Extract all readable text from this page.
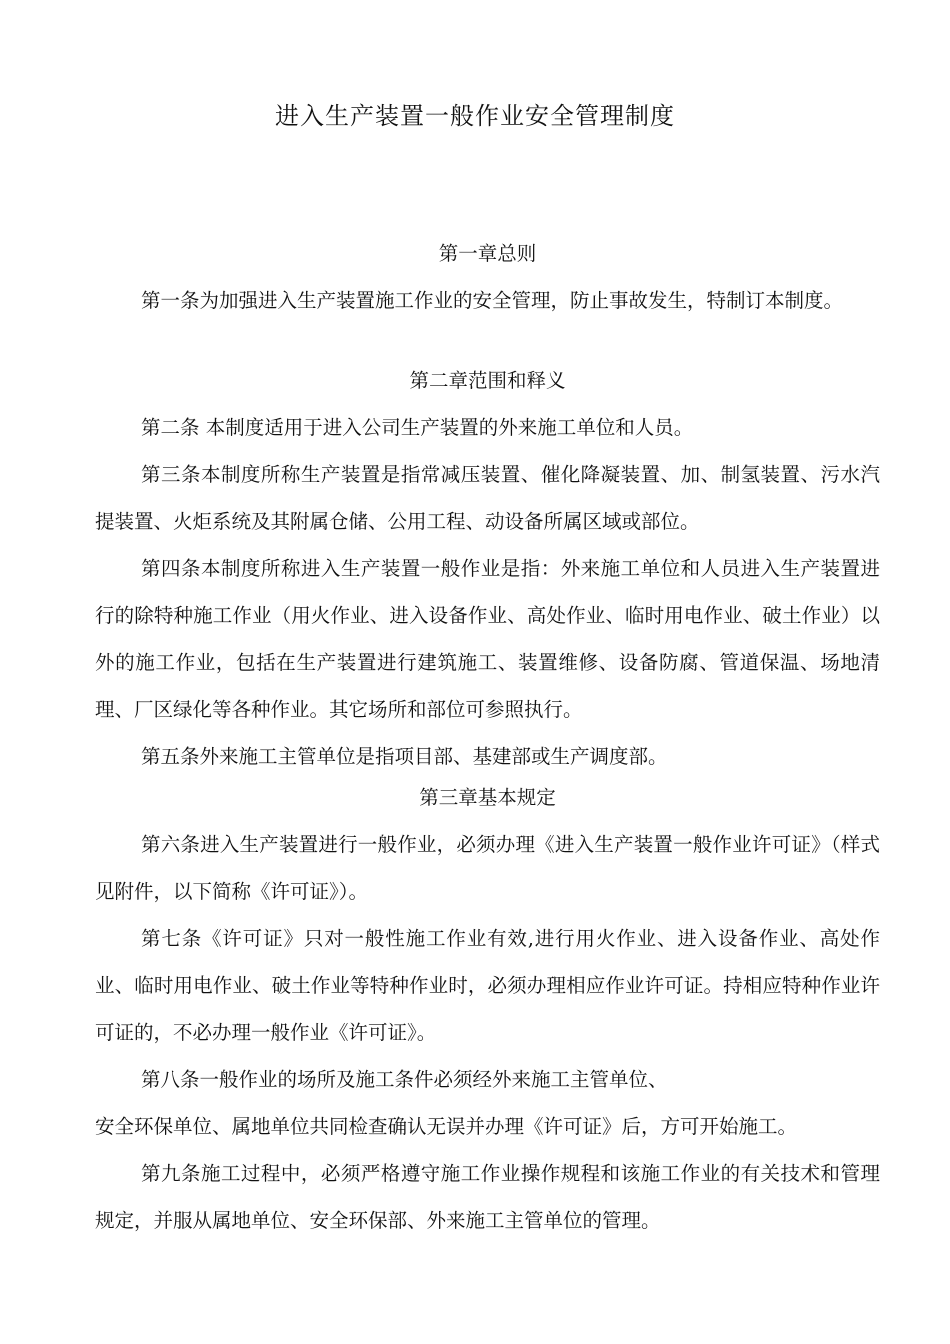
进入生产装置一般作业安全管理制度

第一章总则

第一条为加强进入生产装置施工作业的安全管理，防止事故发生，特制订本制度。

第二章范围和释义

第二条 本制度适用于进入公司生产装置的外来施工单位和人员。

第三条本制度所称生产装置是指常减压装置、催化降凝装置、加、制氢装置、污水汽提装置、火炬系统及其附属仓储、公用工程、动设备所属区域或部位。

第四条本制度所称进入生产装置一般作业是指：外来施工单位和人员进入生产装置进行的除特种施工作业（用火作业、进入设备作业、高处作业、临时用电作业、破土作业）以外的施工作业，包括在生产装置进行建筑施工、装置维修、设备防腐、管道保温、场地清理、厂区绿化等各种作业。其它场所和部位可参照执行。

第五条外来施工主管单位是指项目部、基建部或生产调度部。

第三章基本规定

第六条进入生产装置进行一般作业，必须办理《进入生产装置一般作业许可证》（样式见附件，以下简称《许可证》）。

第七条《许可证》只对一般性施工作业有效,进行用火作业、进入设备作业、高处作业、临时用电作业、破土作业等特种作业时，必须办理相应作业许可证。持相应特种作业许可证的，不必办理一般作业《许可证》。

第八条一般作业的场所及施工条件必须经外来施工主管单位、

安全环保单位、属地单位共同检查确认无误并办理《许可证》后，方可开始施工。

第九条施工过程中，必须严格遵守施工作业操作规程和该施工作业的有关技术和管理规定，并服从属地单位、安全环保部、外来施工主管单位的管理。
